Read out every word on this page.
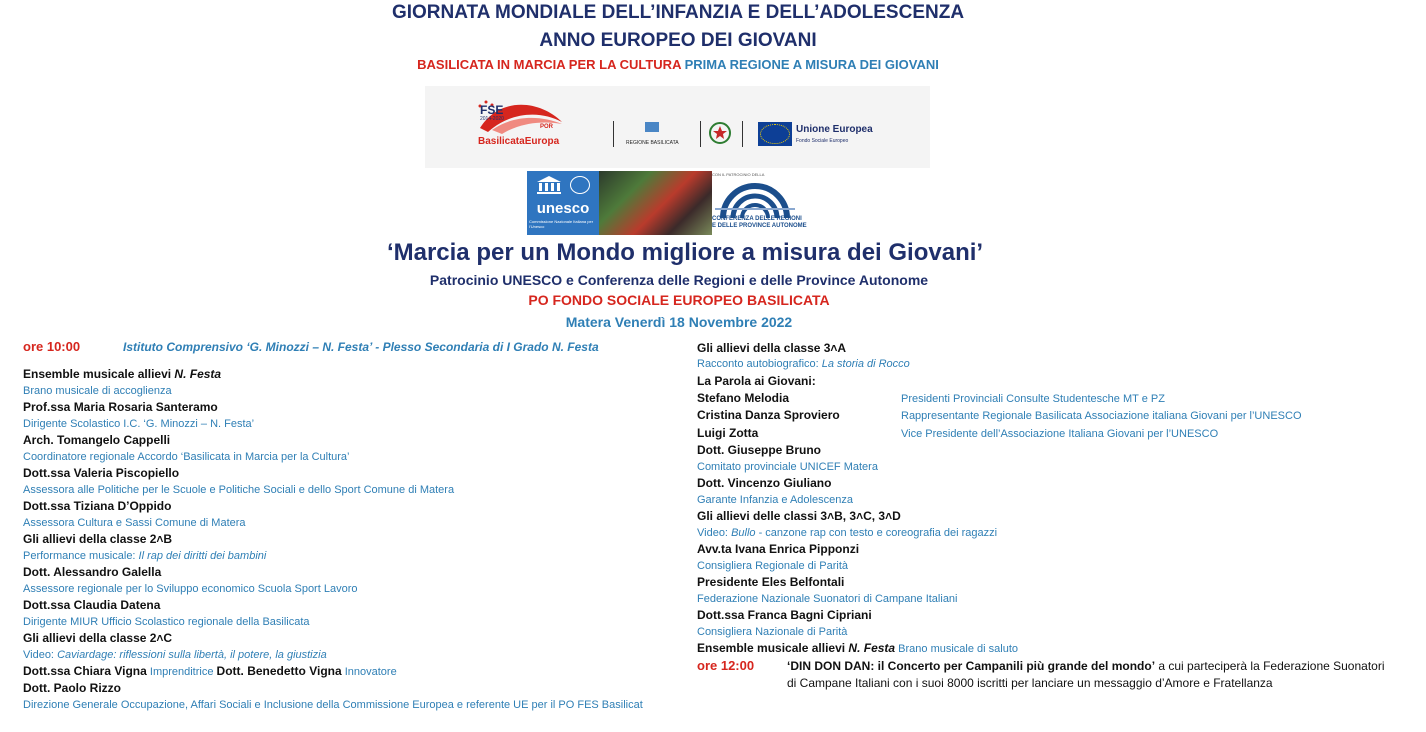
GIORNATA MONDIALE DELL’INFANZIA E DELL’ADOLESCENZA
ANNO EUROPEO DEI GIOVANI
BASILICATA IN MARCIA PER LA CULTURA PRIMA REGIONE A MISURA DEI GIOVANI
FSE
2014-2020
POR
BasilicataEuropa	REGIONE BASILICATA
Unione Europea
Fondo Sociale Europeo
unesco
Commissione Nazionale Italiana per l’Unesco
CON IL PATROCINIO DELLA
CONFERENZA DELLE REGIONI
E DELLE PROVINCE AUTONOME
‘Marcia per un Mondo migliore a misura dei Giovani’
Patrocinio UNESCO e Conferenza delle Regioni e delle Province Autonome
PO FONDO SOCIALE EUROPEO BASILICATA
Matera Venerdì 18 Novembre 2022
ore 10:00	Istituto Comprensivo ‘G. Minozzi – N. Festa’ - Plesso Secondaria di I Grado N. Festa
Ensemble musicale allievi N. Festa
Brano musicale di accoglienza
Prof.ssa Maria Rosaria Santeramo
Dirigente Scolastico I.C. ‘G. Minozzi – N. Festa’
Arch. Tomangelo Cappelli
Coordinatore regionale Accordo ‘Basilicata in Marcia per la Cultura’
Dott.ssa Valeria Piscopiello
Assessora alle Politiche per le Scuole e Politiche Sociali e dello Sport Comune di Matera
Dott.ssa Tiziana D’Oppido
Assessora Cultura e Sassi Comune di Matera
Gli allievi della classe 2˄B
Performance musicale: Il rap dei diritti dei bambini
Dott. Alessandro Galella
Assessore regionale per lo Sviluppo economico Scuola Sport Lavoro
Dott.ssa Claudia Datena
Dirigente MIUR Ufficio Scolastico regionale della Basilicata
Gli allievi della classe 2˄C
Video: Caviardage: riflessioni sulla libertà, il potere, la giustizia
Dott.ssa Chiara Vigna Imprenditrice Dott. Benedetto Vigna Innovatore
Dott. Paolo Rizzo
Direzione Generale Occupazione, Affari Sociali e Inclusione della Commissione Europea e referente UE per il PO FES Basilicat
Gli allievi della classe 3˄A
Racconto autobiografico: La storia di Rocco
La Parola ai Giovani:
Stefano Melodia	Presidenti Provinciali Consulte Studentesche MT e PZ
Cristina Danza Sproviero	Rappresentante Regionale Basilicata Associazione italiana Giovani per l’UNESCO
Luigi Zotta	Vice Presidente dell’Associazione Italiana Giovani per l’UNESCO
Dott. Giuseppe Bruno
Comitato provinciale UNICEF Matera
Dott. Vincenzo Giuliano
Garante Infanzia e Adolescenza
Gli allievi delle classi 3˄B, 3˄C, 3˄D
Video: Bullo - canzone rap con testo e coreografia dei ragazzi
Avv.ta Ivana Enrica Pipponzi
Consigliera Regionale di Parità
Presidente Eles Belfontali
Federazione Nazionale Suonatori di Campane Italiani
Dott.ssa Franca Bagni Cipriani
Consigliera Nazionale di Parità
Ensemble musicale allievi N. Festa Brano musicale di saluto
ore 12:00	‘DIN DON DAN: il Concerto per Campanili più grande del mondo’ a cui parteciperà la Federazione Suonatori
di Campane Italiani con i suoi 8000 iscritti per lanciare un messaggio d’Amore e Fratellanza
